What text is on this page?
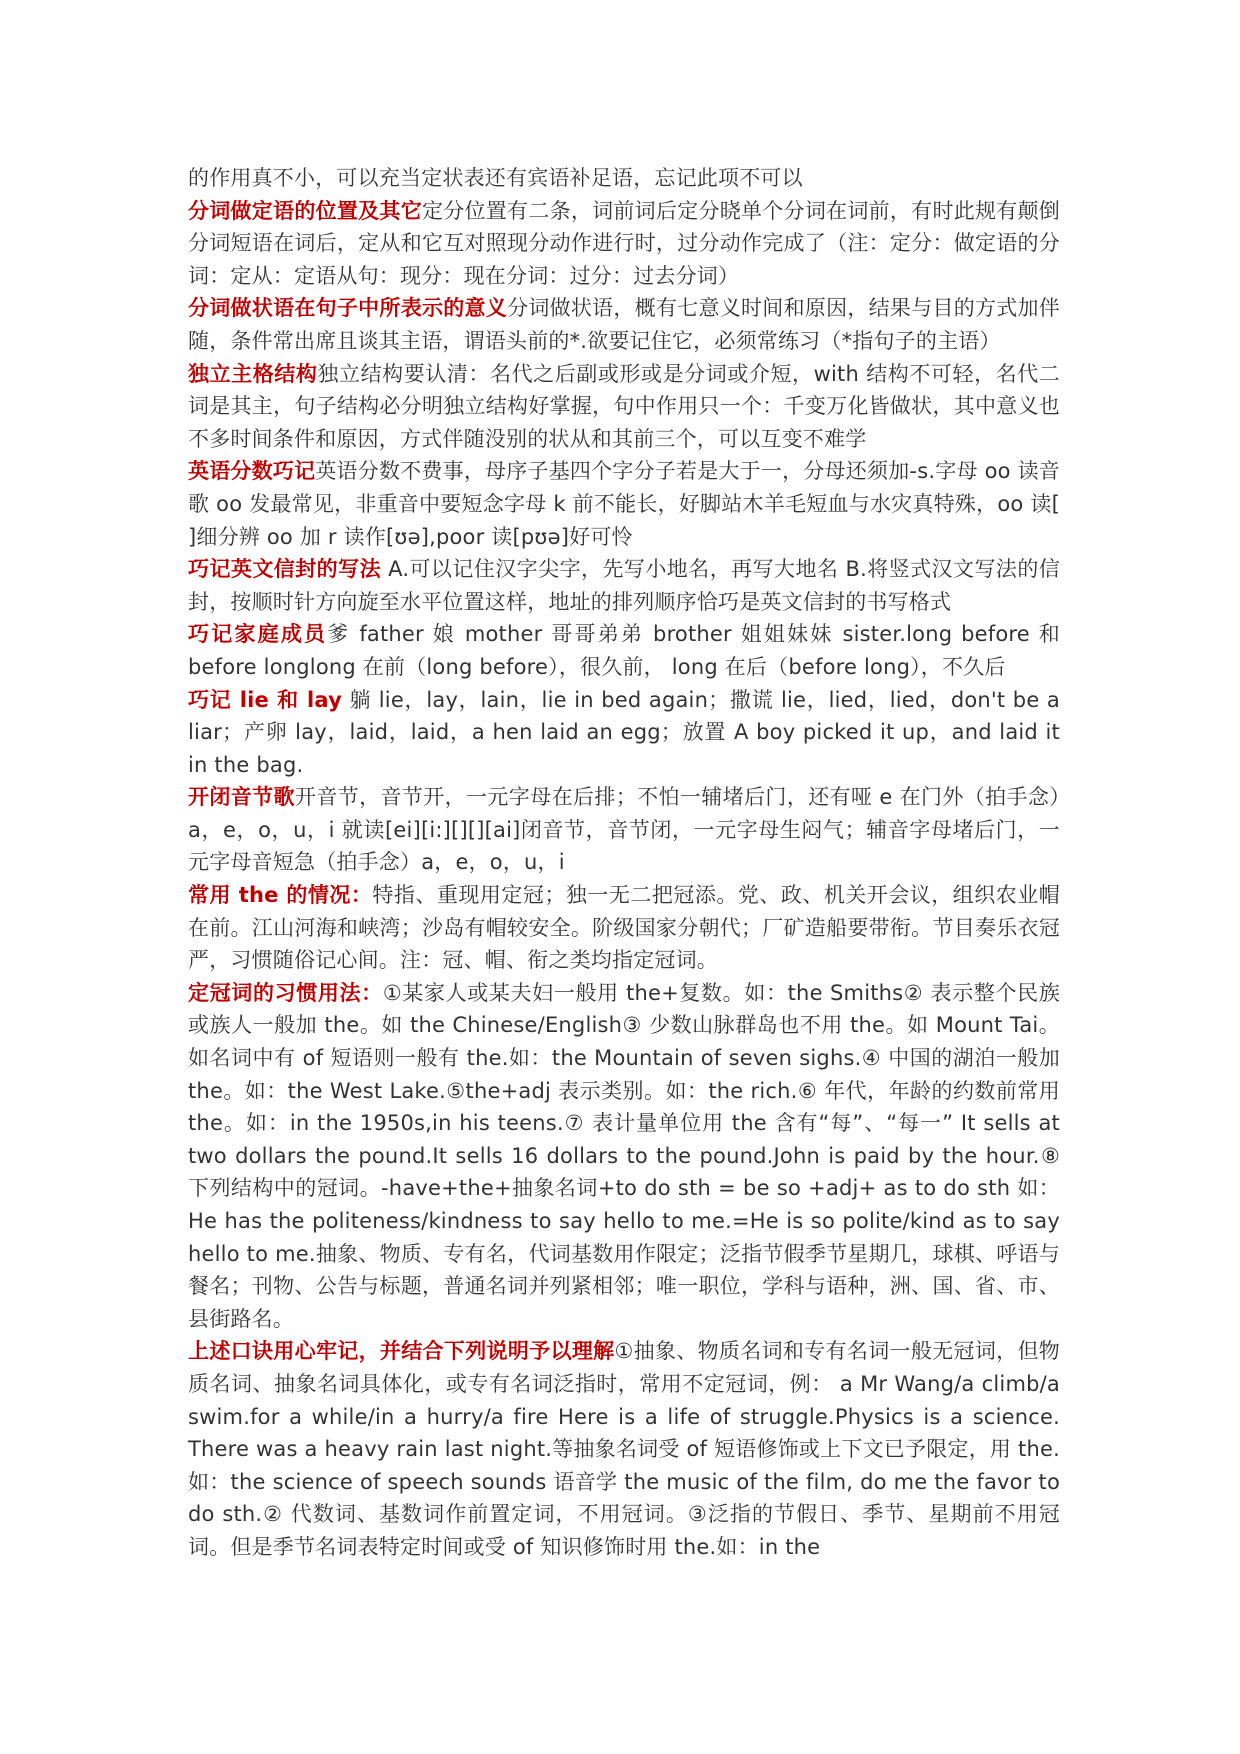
的作用真不小，可以充当定状表还有宾语补足语，忘记此项不可以

分词做定语的位置及其它定分位置有二条，词前词后定分晓单个分词在词前，有时此规有颠倒分词短语在词后，定从和它互对照现分动作进行时，过分动作完成了（注：定分：做定语的分词：定从：定语从句：现分：现在分词：过分：过去分词）

分词做状语在句子中所表示的意义分词做状语，概有七意义时间和原因，结果与目的方式加伴随，条件常出席且谈其主语，谓语头前的*.欲要记住它，必须常练习（*指句子的主语）

独立主格结构独立结构要认清：名代之后副或形或是分词或介短，with 结构不可轻，名代二词是其主，句子结构必分明独立结构好掌握，句中作用只一个：千变万化皆做状，其中意义也不多时间条件和原因，方式伴随没别的状从和其前三个，可以互变不难学

英语分数巧记英语分数不费事，母序子基四个字分子若是大于一，分母还须加-s.字母 oo 读音歌 oo 发最常见，非重音中要短念字母 k 前不能长，好脚站木羊毛短血与水灾真特殊，oo 读[ ]细分辨 oo 加 r 读作[ʊə],poor 读[pʊə]好可怜

巧记英文信封的写法 A.可以记住汉字尖字，先写小地名，再写大地名 B.将竖式汉文写法的信封，按顺时针方向旋至水平位置这样，地址的排列顺序恰巧是英文信封的书写格式

巧记家庭成员爹 father 娘 mother 哥哥弟弟 brother 姐姐妹妹 sister.long before 和 before longlong 在前（long before），很久前， long 在后（before long），不久后

巧记 lie 和 lay 躺 lie，lay，lain，lie in bed again；撒谎 lie，lied，lied，don't be a liar；产卵 lay，laid，laid，a hen laid an egg；放置 A boy picked it up，and laid it in the bag.

开闭音节歌开音节，音节开，一元字母在后排；不怕一辅堵后门，还有哑 e 在门外（拍手念）a，e，o，u，i 就读[ei][i:][][][ai]闭音节，音节闭，一元字母生闷气；辅音字母堵后门，一元字母音短急（拍手念）a，e，o，u，i

常用 the 的情况：特指、重现用定冠；独一无二把冠添。党、政、机关开会议，组织农业帽在前。江山河海和峡湾；沙岛有帽较安全。阶级国家分朝代；厂矿造船要带衔。节目奏乐衣冠严，习惯随俗记心间。注：冠、帽、衔之类均指定冠词。

定冠词的习惯用法：①某家人或某夫妇一般用 the+复数。如：the Smiths② 表示整个民族或族人一般加 the。如 the Chinese/English③ 少数山脉群岛也不用 the。如 Mount Tai。如名词中有 of 短语则一般有 the.如：the Mountain of seven sighs.④ 中国的湖泊一般加 the。如：the West Lake.⑤the+adj 表示类别。如：the rich.⑥ 年代，年龄的约数前常用 the。如：in the 1950s,in his teens.⑦ 表计量单位用 the 含有“每”、“每一” It sells at two dollars the pound.It sells 16 dollars to the pound.John is paid by the hour.⑧ 下列结构中的冠词。-have+the+抽象名词+to do sth = be so +adj+ as to do sth 如：He has the politeness/kindness to say hello to me.=He is so polite/kind as to say hello to me.抽象、物质、专有名，代词基数用作限定；泛指节假季节星期几，球棋、呼语与餐名；刊物、公告与标题，普通名词并列紧相邻；唯一职位，学科与语种，洲、国、省、市、县街路名。

上述口诀用心牢记，并结合下列说明予以理解①抽象、物质名词和专有名词一般无冠词，但物质名词、抽象名词具体化，或专有名词泛指时，常用不定冠词，例： a Mr Wang/a climb/a swim.for a while/in a hurry/a fire Here is a life of struggle.Physics is a science. There was a heavy rain last night.等抽象名词受 of 短语修饰或上下文已予限定，用 the.如：the science of speech sounds 语音学 the music of the film, do me the favor to do sth.② 代数词、基数词作前置定词，不用冠词。③泛指的节假日、季节、星期前不用冠词。但是季节名词表特定时间或受 of 知识修饰时用 the.如：in the
